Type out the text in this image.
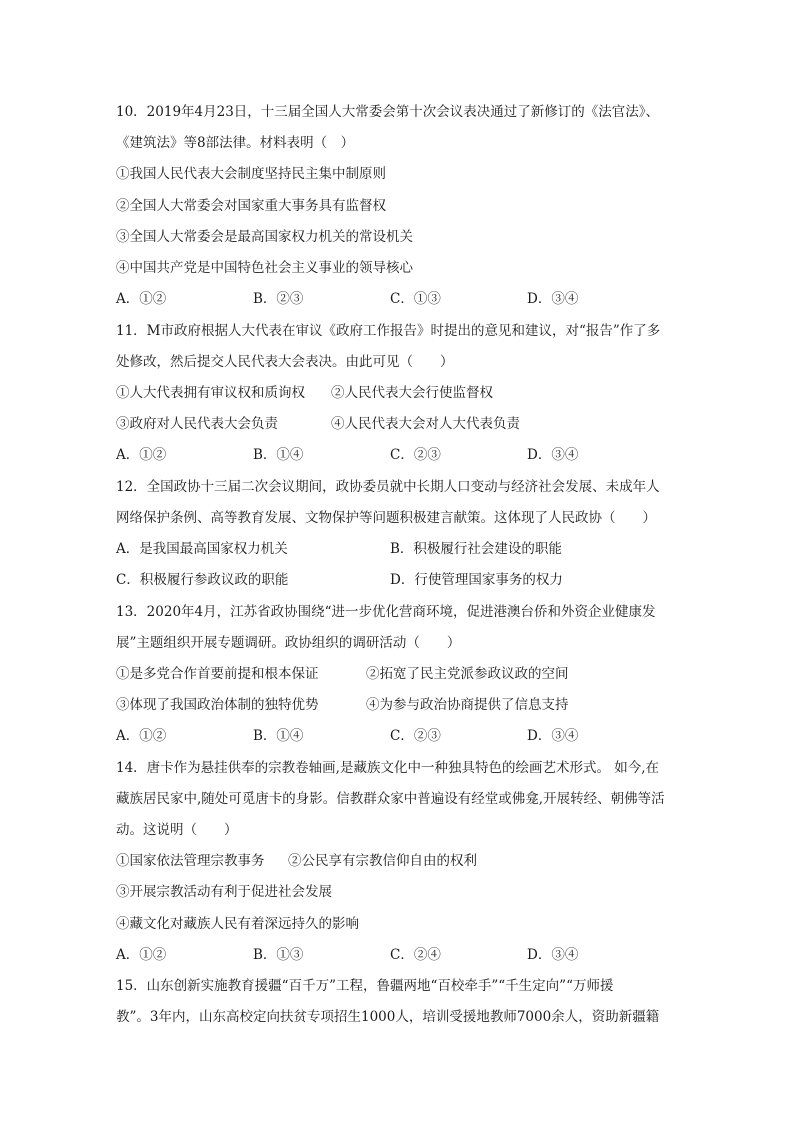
10．2019年4月23日，十三届全国人大常委会第十次会议表决通过了新修订的《法官法》、
《建筑法》等8部法律。材料表明（　）
①我国人民代表大会制度坚持民主集中制原则
②全国人大常委会对国家重大事务具有监督权
③全国人大常委会是最高国家权力机关的常设机关
④中国共产党是中国特色社会主义事业的领导核心
A．①②	B．②③	C．①③	D．③④
11．M市政府根据人大代表在审议《政府工作报告》时提出的意见和建议，对“报告”作了多
处修改，然后提交人民代表大会表决。由此可见（　　）
①人大代表拥有审议权和质询权 ②人民代表大会行使监督权
③政府对人民代表大会负责	④人民代表大会对人大代表负责
A．①②	B．①④	C．②③	D．③④
12．全国政协十三届二次会议期间，政协委员就中长期人口变动与经济社会发展、未成年人
网络保护条例、高等教育发展、文物保护等问题积极建言献策。这体现了人民政协（　　）
A．是我国最高国家权力机关	B．积极履行社会建设的职能
C．积极履行参政议政的职能	D．行使管理国家事务的权力
13．2020年4月，江苏省政协围绕“进一步优化营商环境，促进港澳台侨和外资企业健康发
展”主题组织开展专题调研。政协组织的调研活动（　　）
①是多党合作首要前提和根本保证	②拓宽了民主党派参政议政的空间
③体现了我国政治体制的独特优势	④为参与政治协商提供了信息支持
A．①②	B．①④	C．②③	D．③④
14．唐卡作为悬挂供奉的宗教卷轴画,是藏族文化中一种独具特色的绘画艺术形式。 如今,在
藏族居民家中,随处可觅唐卡的身影。信教群众家中普遍设有经堂或佛龛,开展转经、朝佛等活
动。这说明（　　）
①国家依法管理宗教事务 ②公民享有宗教信仰自由的权利
③开展宗教活动有利于促进社会发展
④藏文化对藏族人民有着深远持久的影响
A．①②	B．①③	C．②④	D．③④
15．山东创新实施教育援疆“百千万”工程，鲁疆两地“百校牵手”“千生定向”“万师援
教”。3年内，山东高校定向扶贫专项招生1000人，培训受援地教师7000余人，资助新疆籍
